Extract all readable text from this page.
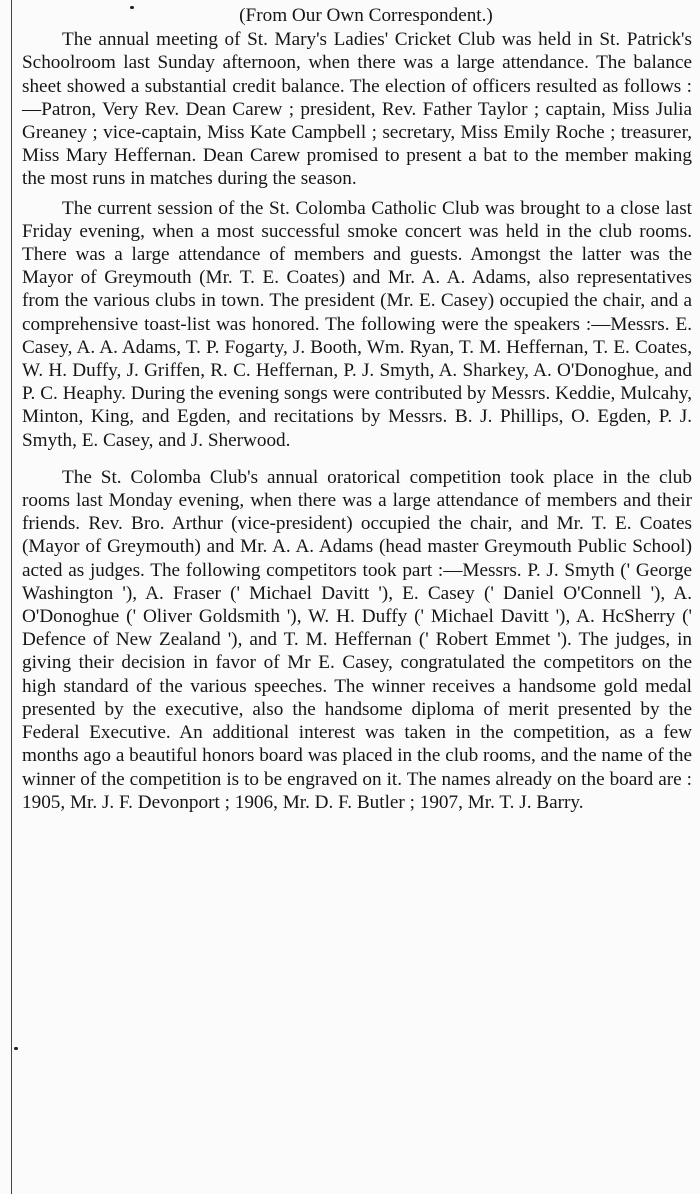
(From Our Own Correspondent.)

The annual meeting of St. Mary's Ladies' Cricket Club was held in St. Patrick's Schoolroom last Sunday afternoon, when there was a large attendance. The balance sheet showed a substantial credit balance. The election of officers resulted as follows :—Patron, Very Rev. Dean Carew ; president, Rev. Father Taylor ; captain, Miss Julia Greaney ; vice-captain, Miss Kate Campbell ; secretary, Miss Emily Roche ; treasurer, Miss Mary Heffernan. Dean Carew promised to present a bat to the member making the most runs in matches during the season.

The current session of the St. Colomba Catholic Club was brought to a close last Friday evening, when a most successful smoke concert was held in the club rooms. There was a large attendance of members and guests. Amongst the latter was the Mayor of Greymouth (Mr. T. E. Coates) and Mr. A. A. Adams, also representatives from the various clubs in town. The president (Mr. E. Casey) occupied the chair, and a comprehensive toast-list was honored. The following were the speakers :—Messrs. E. Casey, A. A. Adams, T. P. Fogarty, J. Booth, Wm. Ryan, T. M. Heffernan, T. E. Coates, W. H. Duffy, J. Griffen, R. C. Heffernan, P. J. Smyth, A. Sharkey, A. O'Donoghue, and P. C. Heaphy. During the evening songs were contributed by Messrs. Keddie, Mulcahy, Minton, King, and Egden, and recitations by Messrs. B. J. Phillips, O. Egden, P. J. Smyth, E. Casey, and J. Sherwood.

The St. Colomba Club's annual oratorical competition took place in the club rooms last Monday evening, when there was a large attendance of members and their friends. Rev. Bro. Arthur (vice-president) occupied the chair, and Mr. T. E. Coates (Mayor of Greymouth) and Mr. A. A. Adams (head master Greymouth Public School) acted as judges. The following competitors took part :—Messrs. P. J. Smyth (' George Washington '), A. Fraser (' Michael Davitt '), E. Casey (' Daniel O'Connell '), A. O'Donoghue (' Oliver Goldsmith '), W. H. Duffy (' Michael Davitt '), A. HcSherry (' Defence of New Zealand '), and T. M. Heffernan (' Robert Emmet '). The judges, in giving their decision in favor of Mr E. Casey, congratulated the competitors on the high standard of the various speeches. The winner receives a handsome gold medal presented by the executive, also the handsome diploma of merit presented by the Federal Executive. An additional interest was taken in the competition, as a few months ago a beautiful honors board was placed in the club rooms, and the name of the winner of the competition is to be engraved on it. The names already on the board are : 1905, Mr. J. F. Devonport ; 1906, Mr. D. F. Butler ; 1907, Mr. T. J. Barry.
